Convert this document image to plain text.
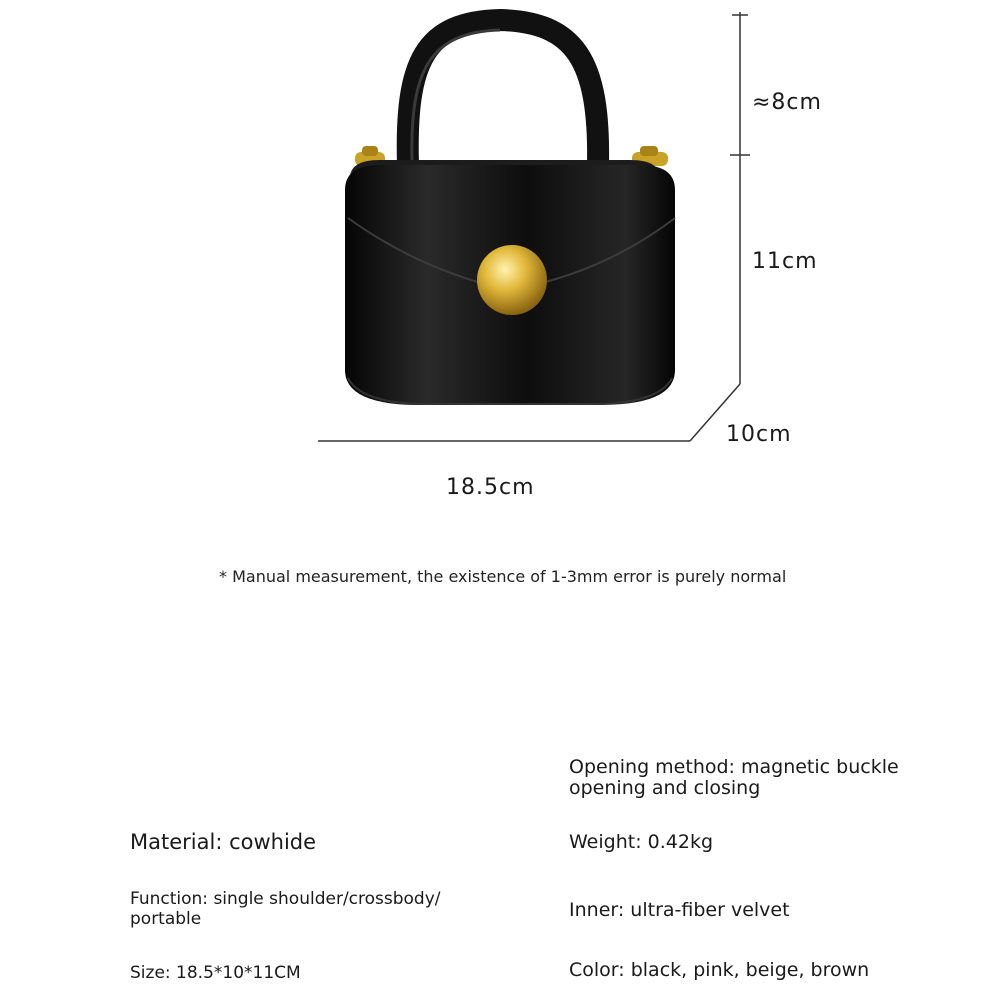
≈8cm
11cm
10cm
18.5cm
* Manual measurement, the existence of 1-3mm error is purely normal
Opening method: magnetic buckle opening and closing
Material: cowhide	Weight: 0.42kg
Function: single shoulder/crossbody/ portable	Inner: ultra-fiber velvet
Size: 18.5*10*11CM	Color: black, pink, beige, brown
